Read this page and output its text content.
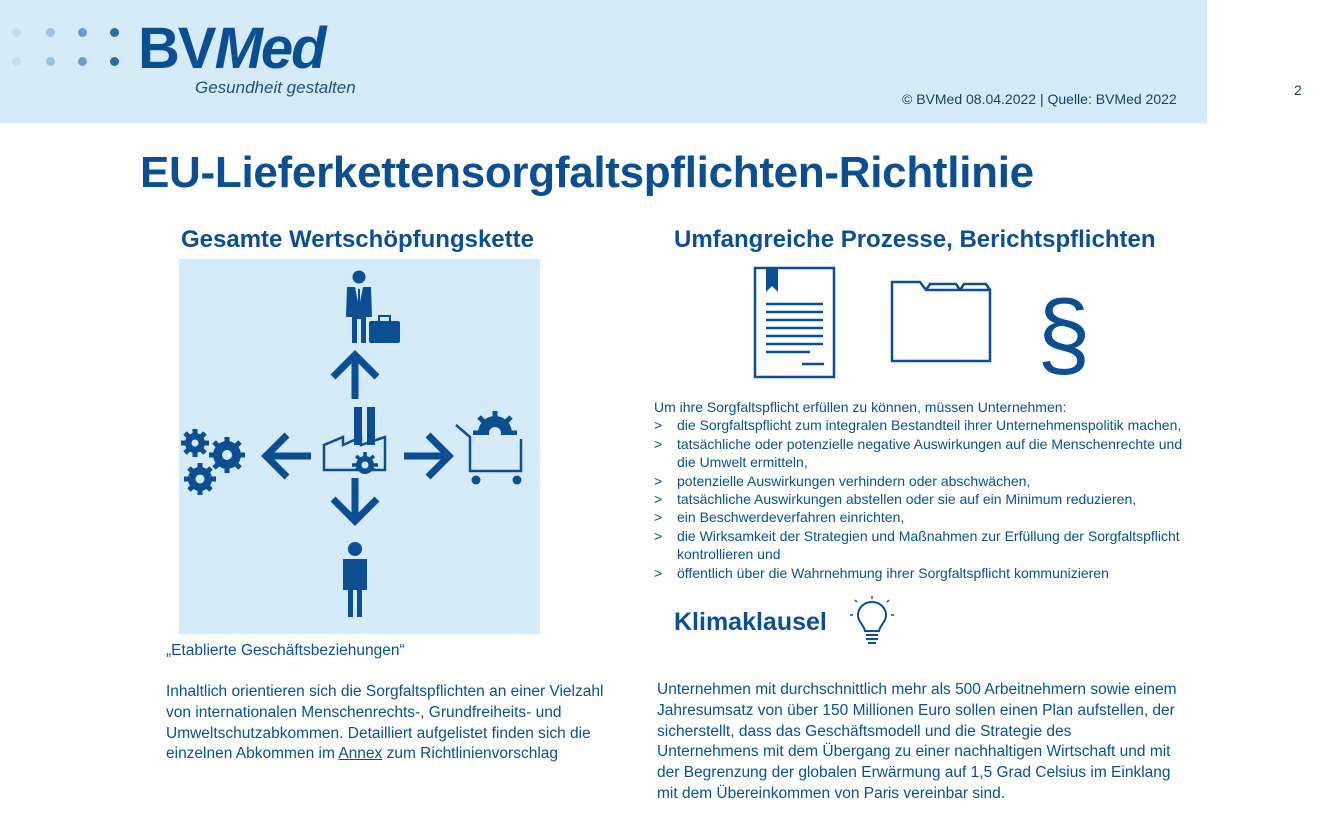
BVMed
Gesundheit gestalten
© BVMed 08.04.2022 | Quelle: BVMed 2022
2
EU-Lieferkettensorgfaltspflichten-Richtlinie
Gesamte Wertschöpfungskette
„Etablierte Geschäftsbeziehungen“

Inhaltlich orientieren sich die Sorgfaltspflichten an einer Vielzahl von internationalen Menschenrechts-, Grundfreiheits- und Umweltschutzabkommen. Detailliert aufgelistet finden sich die einzelnen Abkommen im Annex zum Richtlinienvorschlag

Umfangreiche Prozesse, Berichtspflichten
§

Um ihre Sorgfaltspflicht erfüllen zu können, müssen Unternehmen:

> die Sorgfaltspflicht zum integralen Bestandteil ihrer Unternehmenspolitik machen,
> tatsächliche oder potenzielle negative Auswirkungen auf die Menschenrechte und die Umwelt ermitteln,
> potenzielle Auswirkungen verhindern oder abschwächen,
> tatsächliche Auswirkungen abstellen oder sie auf ein Minimum reduzieren,
> ein Beschwerdeverfahren einrichten,
> die Wirksamkeit der Strategien und Maßnahmen zur Erfüllung der Sorgfaltspflicht kontrollieren und
> öffentlich über die Wahrnehmung ihrer Sorgfaltspflicht kommunizieren
Klimaklausel
Unternehmen mit durchschnittlich mehr als 500 Arbeitnehmern sowie einem Jahresumsatz von über 150 Millionen Euro sollen einen Plan aufstellen, der sicherstellt, dass das Geschäftsmodell und die Strategie des Unternehmens mit dem Übergang zu einer nachhaltigen Wirtschaft und mit der Begrenzung der globalen Erwärmung auf 1,5 Grad Celsius im Einklang mit dem Übereinkommen von Paris vereinbar sind.
